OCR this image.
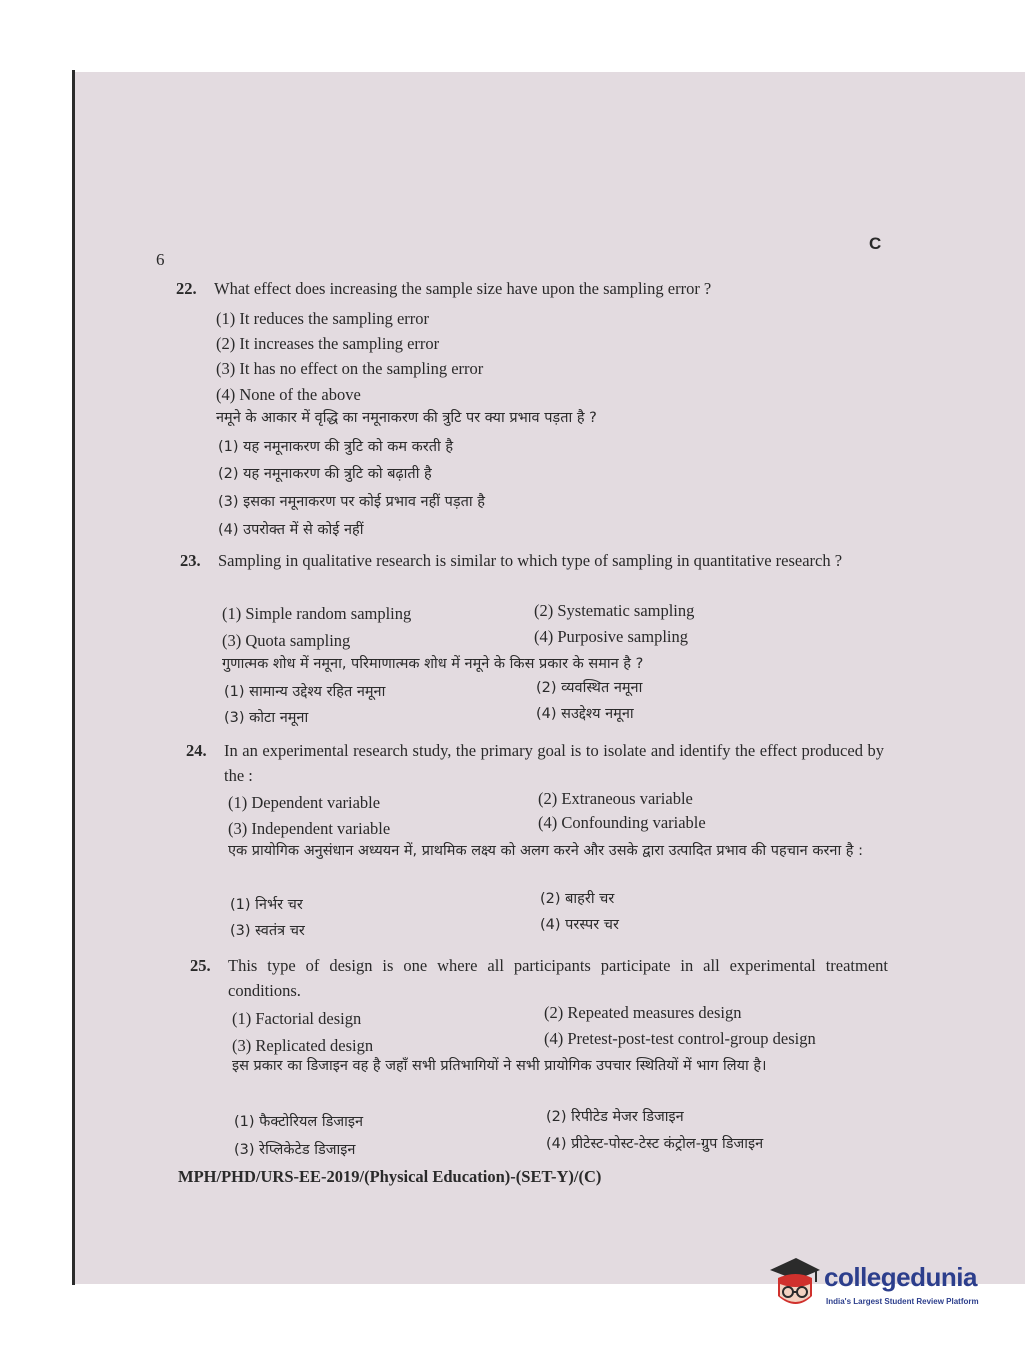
6
C
22. What effect does increasing the sample size have upon the sampling error ?
(1) It reduces the sampling error
(2) It increases the sampling error
(3) It has no effect on the sampling error
(4) None of the above
नमूने के आकार में वृद्धि का नमूनाकरण की त्रुटि पर क्या प्रभाव पड़ता है ?
(1) यह नमूनाकरण की त्रुटि को कम करती है
(2) यह नमूनाकरण की त्रुटि को बढ़ाती है
(3) इसका नमूनाकरण पर कोई प्रभाव नहीं पड़ता है
(4) उपरोक्त में से कोई नहीं
23. Sampling in qualitative research is similar to which type of sampling in quantitative research ?
(1) Simple random sampling	(2) Systematic sampling
(3) Quota sampling	(4) Purposive sampling
गुणात्मक शोध में नमूना, परिमाणात्मक शोध में नमूने के किस प्रकार के समान है ?
(1) सामान्य उद्देश्य रहित नमूना	(2) व्यवस्थित नमूना
(3) कोटा नमूना	(4) सउद्देश्य नमूना
24. In an experimental research study, the primary goal is to isolate and identify the effect produced by the :
(1) Dependent variable	(2) Extraneous variable
(3) Independent variable	(4) Confounding variable
एक प्रायोगिक अनुसंधान अध्ययन में, प्राथमिक लक्ष्य को अलग करने और उसके द्वारा उत्पादित प्रभाव की पहचान करना है :
(1) निर्भर चर	(2) बाहरी चर
(3) स्वतंत्र चर	(4) परस्पर चर
25. This type of design is one where all participants participate in all experimental treatment conditions.
(1) Factorial design	(2) Repeated measures design
(3) Replicated design	(4) Pretest-post-test control-group design
इस प्रकार का डिजाइन वह है जहाँ सभी प्रतिभागियों ने सभी प्रायोगिक उपचार स्थितियों में भाग लिया है।
(1) फैक्टोरियल डिजाइन	(2) रिपीटेड मेजर डिजाइन
(3) रेप्लिकेटेड डिजाइन	(4) प्रीटेस्ट-पोस्ट-टेस्ट कंट्रोल-ग्रुप डिजाइन
MPH/PHD/URS-EE-2019/(Physical Education)-(SET-Y)/(C)
collegedunia
India's Largest Student Review Platform
